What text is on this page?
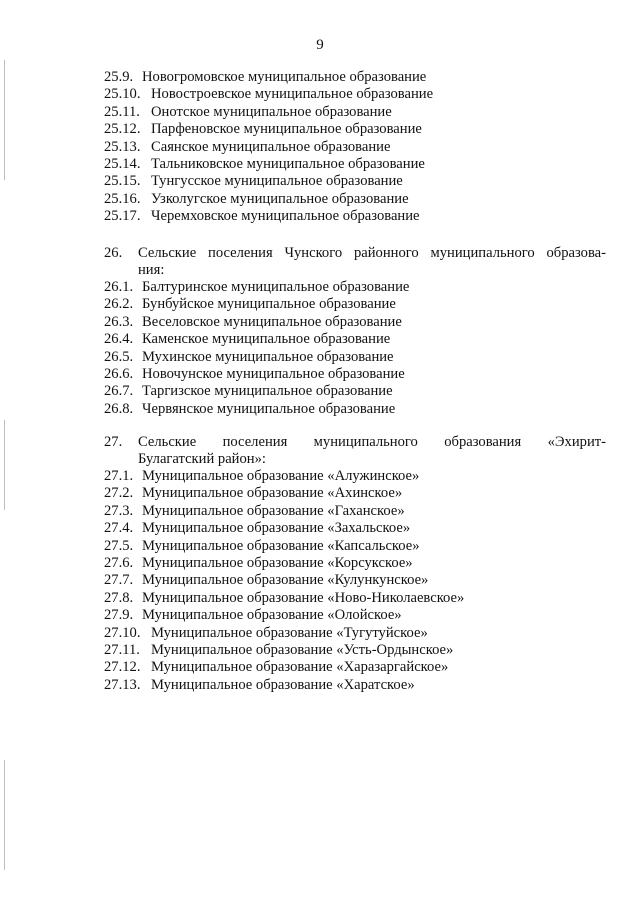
9
25.9. Новогромовское муниципальное образование
25.10. Новостроевское муниципальное образование
25.11. Онотское муниципальное образование
25.12. Парфеновское муниципальное образование
25.13. Саянское муниципальное образование
25.14. Тальниковское муниципальное образование
25.15. Тунгусское муниципальное образование
25.16. Узколугское муниципальное образование
25.17. Черемховское муниципальное образование
26. Сельские поселения Чунского районного муниципального образова-
ния:
26.1. Балтуринское муниципальное образование
26.2. Бунбуйское муниципальное образование
26.3. Веселовское муниципальное образование
26.4. Каменское муниципальное образование
26.5. Мухинское муниципальное образование
26.6. Новочунское муниципальное образование
26.7. Таргизское муниципальное образование
26.8. Червянское муниципальное образование
27. Сельские поселения муниципального образования «Эхирит-
Булагатский район»:
27.1. Муниципальное образование «Алужинское»
27.2. Муниципальное образование «Ахинское»
27.3. Муниципальное образование «Гаханское»
27.4. Муниципальное образование «Захальское»
27.5. Муниципальное образование «Капсальское»
27.6. Муниципальное образование «Корсукское»
27.7. Муниципальное образование «Кулункунское»
27.8. Муниципальное образование «Ново-Николаевское»
27.9. Муниципальное образование «Олойское»
27.10. Муниципальное образование «Тугутуйское»
27.11. Муниципальное образование «Усть-Ордынское»
27.12. Муниципальное образование «Харазаргайское»
27.13. Муниципальное образование «Харатское»
